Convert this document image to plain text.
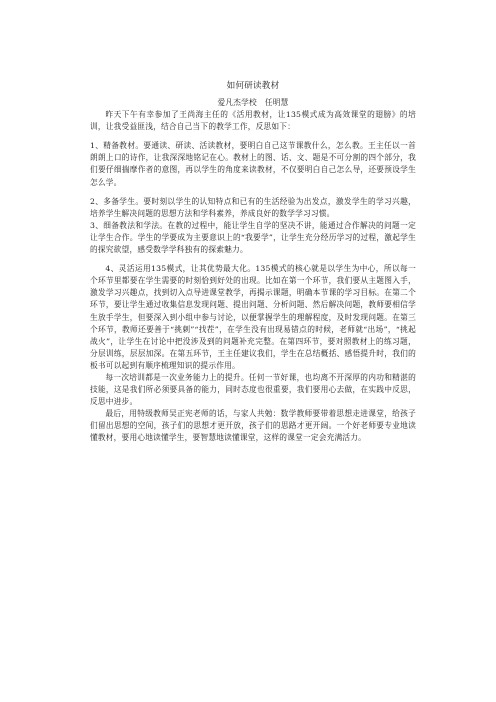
如何研读教材
爱凡杰学校　任明慧

昨天下午有幸参加了王尚海主任的《活用教材，让135模式成为高效课堂的翅膀》的培训，让我受益匪浅，结合自己当下的教学工作，反思如下：

1、精备教材。要通读、研读、活读教材，要明白自己这节课教什么，怎么教。王主任以一首朗朗上口的诗作，让我深深地铭记在心。教材上的图、话、文、题是不可分割的四个部分，我们要仔细揣摩作者的意图，再以学生的角度来读教材，不仅要明白自己怎么导，还要预设学生怎么学。

2、多备学生。要时刻以学生的认知特点和已有的生活经验为出发点，激发学生的学习兴趣，培养学生解决问题的思想方法和学科素养，养成良好的数学学习习惯。

3、细备教法和学法。在教的过程中，能让学生自学的坚决不讲，能通过合作解决的问题一定让学生合作。学生的学要成为主要意识上的“我要学”，让学生充分经历学习的过程，激起学生的探究欲望，感受数学学科独有的探索魅力。

4、灵活运用135模式，让其优势最大化。135模式的核心就是以学生为中心，所以每一个环节里都要在学生需要的时刻恰到好处的出现。比如在第一个环节，我们要从主题图入手，激发学习兴趣点，找到切入点导进课堂教学，再揭示课题，明确本节课的学习目标。在第二个环节，要让学生通过收集信息发现问题、提出问题、分析问题、然后解决问题，教师要相信学生放手学生，但要深入到小组中参与讨论，以便掌握学生的理解程度，及时发现问题。在第三个环节，教师还要善于“挑刺”“找茬”，在学生没有出现易错点的时候，老师就“出场”，“挑起战火”，让学生在讨论中把没涉及到的问题补充完整。在第四环节，要对照教材上的练习题，分层训练，层层加深。在第五环节，王主任建议我们，学生在总结概括、感悟提升时，我们的板书可以起到有顺序梳理知识的提示作用。

每一次培训都是一次业务能力上的提升。任何一节好课，也均离不开深厚的内功和精湛的技能，这是我们所必须要具备的能力，同时态度也很重要，我们要用心去做，在实践中反思，反思中进步。

最后，用特级教师吴正宪老师的话，与家人共勉：数学教师要带着思想走进课堂，给孩子们留出思想的空间，孩子们的思想才更开放，孩子们的思路才更开阔。一个好老师要专业地读懂教材，要用心地读懂学生，要智慧地读懂课堂，这样的课堂一定会充满活力。
